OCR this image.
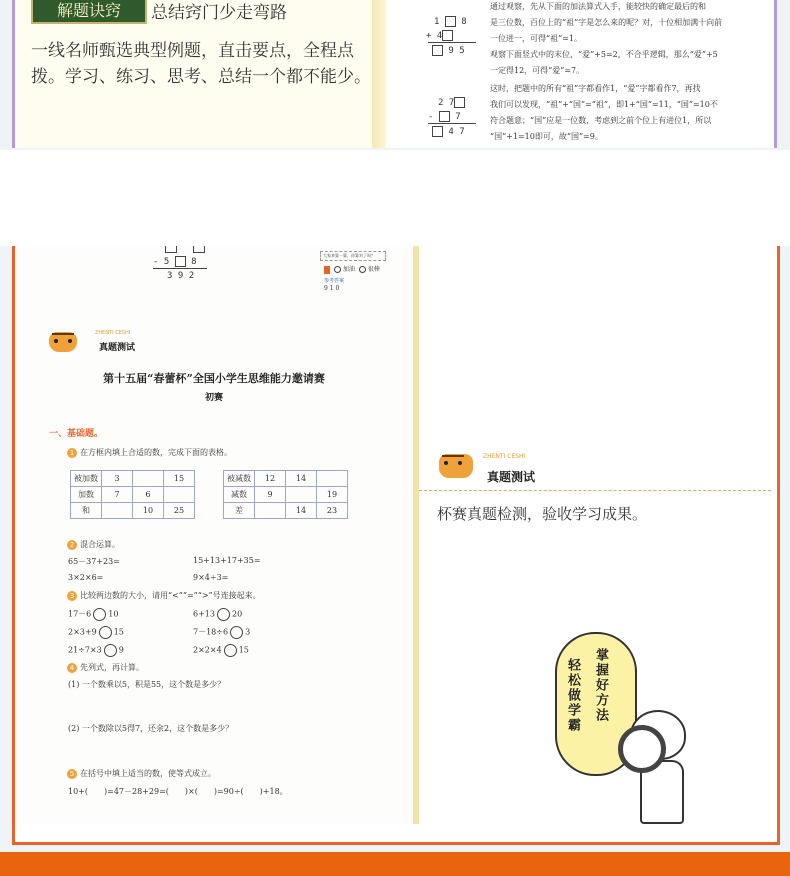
解题诀窍	总结窍门少走弯路
一线名师甄选典型例题，直击要点，全程点拨。学习、练习、思考、总结一个都不能少。
通过观察，先从下面的加法算式入手，能较快的确定最后的和
是三位数，百位上的“祖”字是怎么来的呢？对，十位相加满十向前
一位进一，可得“祖”=1。
观察下面竖式中的末位，“爱”+5=2，不合乎逻辑，那么“爱”+5
一定得12，可得“爱”=7。
这时，把题中的所有“祖”字都看作1，“爱”字都看作7，再找
我们可以发现，“祖”+“国”=“祖”，即1+“国”=11，“国”=10不
符合题意；“国”应是一位数，考虑到之前个位上有进位1，所以
“国”+1=10即可，故“国”=9。
1 8
+ 4
9 5
2 7
- 7
4 7
- 5 8
3 9 2
大家来算一算，你算对了吗？
加油 很棒
参考答案
9 1 0
ZHENTI CESHI
真题测试
第十五届“春蕾杯”全国小学生思维能力邀请赛
初赛
一、基础题。
1 在方框内填上合适的数，完成下面的表格。
被加数	3		15
加数	7	6	
和		10	25
被减数	12	14	
减数	9		19
差		14	23
2 混合运算。
65－37+23=	15+13+17+35=
3×2×6=	9×4÷3=
3 比较两边数的大小，请用“<”“=”“>”号连接起来。
17－6 10	6+13 20
2×3+9 15	7－18÷6 3
21÷7×3 9	2×2×4 15
4 先列式，再计算。
(1) 一个数乘以5，积是55，这个数是多少？
(2) 一个数除以5得7，还余2，这个数是多少？
5 在括号中填上适当的数，使等式成立。
10+(　　)=47－28+29=(　　)×(　　)=90÷(　　)+18。
ZHENTI CESHI
真题测试
杯赛真题检测，验收学习成果。
掌握好方法
轻松做学霸
